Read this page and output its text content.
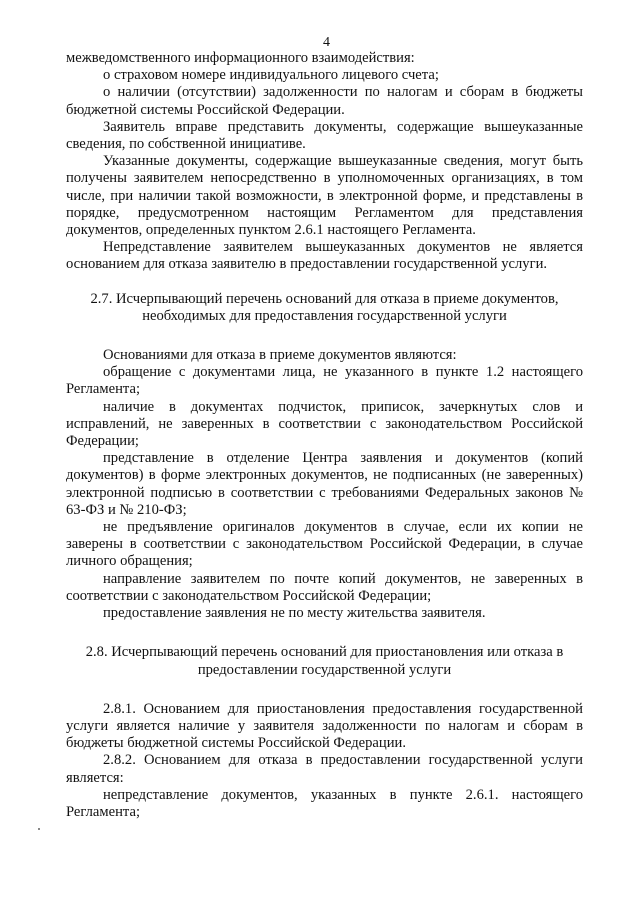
4

межведомственного информационного взаимодействия:

о страховом номере индивидуального лицевого счета;

о наличии (отсутствии) задолженности по налогам и сборам в бюджеты бюджетной системы Российской Федерации.

Заявитель вправе представить документы, содержащие вышеуказанные сведения, по собственной инициативе.

Указанные документы, содержащие вышеуказанные сведения, могут быть получены заявителем непосредственно в уполномоченных организациях, в том числе, при наличии такой возможности, в электронной форме, и представлены в порядке, предусмотренном настоящим Регламентом для представления документов, определенных пунктом 2.6.1 настоящего Регламента.

Непредставление заявителем вышеуказанных документов не является основанием для отказа заявителю в предоставлении государственной услуги.

2.7. Исчерпывающий перечень оснований для отказа в приеме документов, необходимых для предоставления государственной услуги

Основаниями для отказа в приеме документов являются:

обращение с документами лица, не указанного в пункте 1.2 настоящего Регламента;

наличие в документах подчисток, приписок, зачеркнутых слов и исправлений, не заверенных в соответствии с законодательством Российской Федерации;

представление в отделение Центра заявления и документов (копий документов) в форме электронных документов, не подписанных (не заверенных) электронной подписью в соответствии с требованиями Федеральных законов № 63-ФЗ и № 210-ФЗ;

не предъявление оригиналов документов в случае, если их копии не заверены в соответствии с законодательством Российской Федерации, в случае личного обращения;

направление заявителем по почте копий документов, не заверенных в соответствии с законодательством Российской Федерации;

предоставление заявления не по месту жительства заявителя.

2.8. Исчерпывающий перечень оснований для приостановления или отказа в предоставлении государственной услуги

2.8.1. Основанием для приостановления предоставления государственной услуги является наличие у заявителя задолженности по налогам и сборам в бюджеты бюджетной системы Российской Федерации.

2.8.2. Основанием для отказа в предоставлении государственной услуги является:

непредставление документов, указанных в пункте 2.6.1. настоящего Регламента;
